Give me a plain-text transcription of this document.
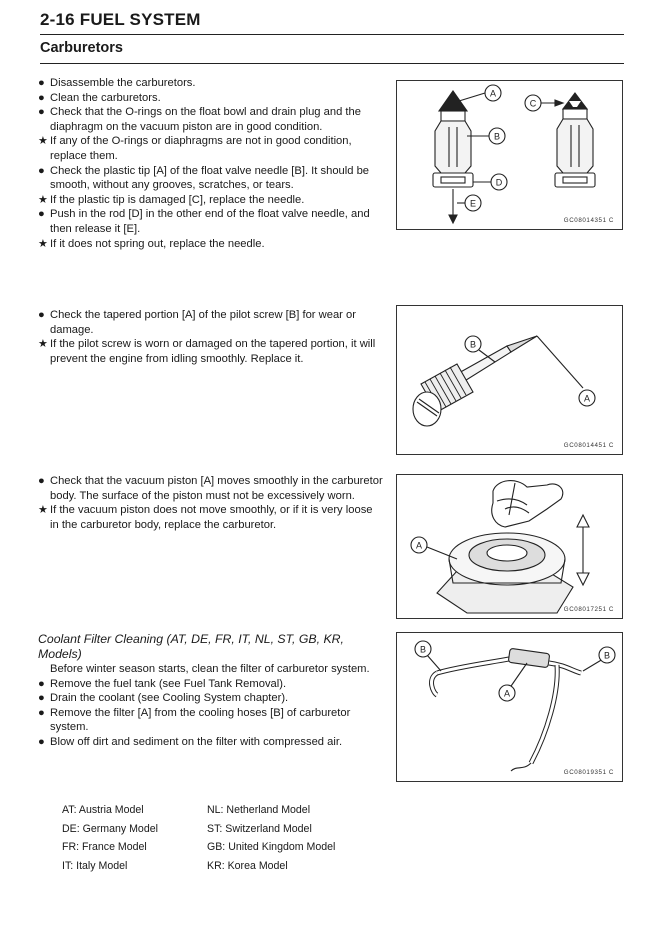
2-16 FUEL SYSTEM
Carburetors

● Disassemble the carburetors.

● Clean the carburetors.

● Check that the O-rings on the float bowl and drain plug and the diaphragm on the vacuum piston are in good condition.

★ If any of the O-rings or diaphragms are not in good condition, replace them.

● Check the plastic tip [A] of the float valve needle [B]. It should be smooth, without any grooves, scratches, or tears.

★ If the plastic tip is damaged [C], replace the needle.

● Push in the rod [D] in the other end of the float valve needle, and then release it [E].

★ If it does not spring out, replace the needle.

● Check the tapered portion [A] of the pilot screw [B] for wear or damage.

★ If the pilot screw is worn or damaged on the tapered portion, it will prevent the engine from idling smoothly. Replace it.

● Check that the vacuum piston [A] moves smoothly in the carburetor body. The surface of the piston must not be excessively worn.

★ If the vacuum piston does not move smoothly, or if it is very loose in the carburetor body, replace the carburetor.

Coolant Filter Cleaning (AT, DE, FR, IT, NL, ST, GB, KR, Models)

Before winter season starts, clean the filter of carburetor system.

● Remove the fuel tank (see Fuel Tank Removal).

● Drain the coolant (see Cooling System chapter).

● Remove the filter [A] from the cooling hoses [B] of carburetor system.

● Blow off dirt and sediment on the filter with compressed air.

AT: Austria Model	NL: Netherland Model
DE: Germany Model	ST: Switzerland Model
FR: France Model	GB: United Kingdom Model
IT: Italy Model	KR: Korea Model
A
B
C
D
E
GC08014351 C
B
A
GC08014451 C
A
GC08017251 C
B
B
A
GC08019351 C
